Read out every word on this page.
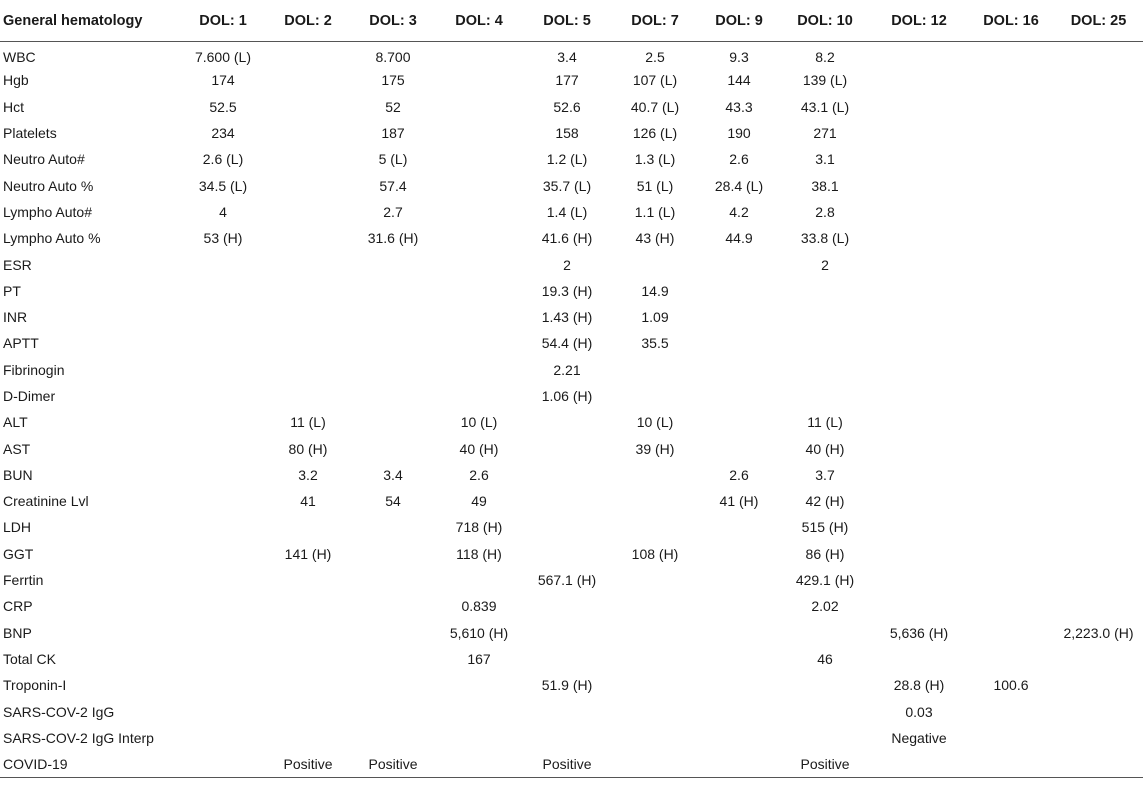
General hematology	DOL: 1	DOL: 2	DOL: 3	DOL: 4	DOL: 5	DOL: 7	DOL: 9	DOL: 10	DOL: 12	DOL: 16	DOL: 25
WBC	7.600 (L)		8.700		3.4	2.5	9.3	8.2			
Hgb	174		175		177	107 (L)	144	139 (L)			
Hct	52.5		52		52.6	40.7 (L)	43.3	43.1 (L)			
Platelets	234		187		158	126 (L)	190	271			
Neutro Auto#	2.6 (L)		5 (L)		1.2 (L)	1.3 (L)	2.6	3.1			
Neutro Auto %	34.5 (L)		57.4		35.7 (L)	51 (L)	28.4 (L)	38.1			
Lympho Auto#	4		2.7		1.4 (L)	1.1 (L)	4.2	2.8			
Lympho Auto %	53 (H)		31.6 (H)		41.6 (H)	43 (H)	44.9	33.8 (L)			
ESR					2			2			
PT					19.3 (H)	14.9					
INR					1.43 (H)	1.09					
APTT					54.4 (H)	35.5					
Fibrinogin					2.21						
D-Dimer					1.06 (H)						
ALT		11 (L)		10 (L)		10 (L)		11 (L)			
AST		80 (H)		40 (H)		39 (H)		40 (H)			
BUN		3.2	3.4	2.6			2.6	3.7			
Creatinine Lvl		41	54	49			41 (H)	42 (H)			
LDH				718 (H)				515 (H)			
GGT		141 (H)		118 (H)		108 (H)		86 (H)			
Ferrtin					567.1 (H)			429.1 (H)			
CRP				0.839				2.02			
BNP				5,610 (H)					5,636 (H)		2,223.0 (H)
Total CK				167				46			
Troponin-I					51.9 (H)				28.8 (H)	100.6	
SARS-COV-2 IgG									0.03		
SARS-COV-2 IgG Interp									Negative		
COVID-19		Positive	Positive		Positive			Positive			
